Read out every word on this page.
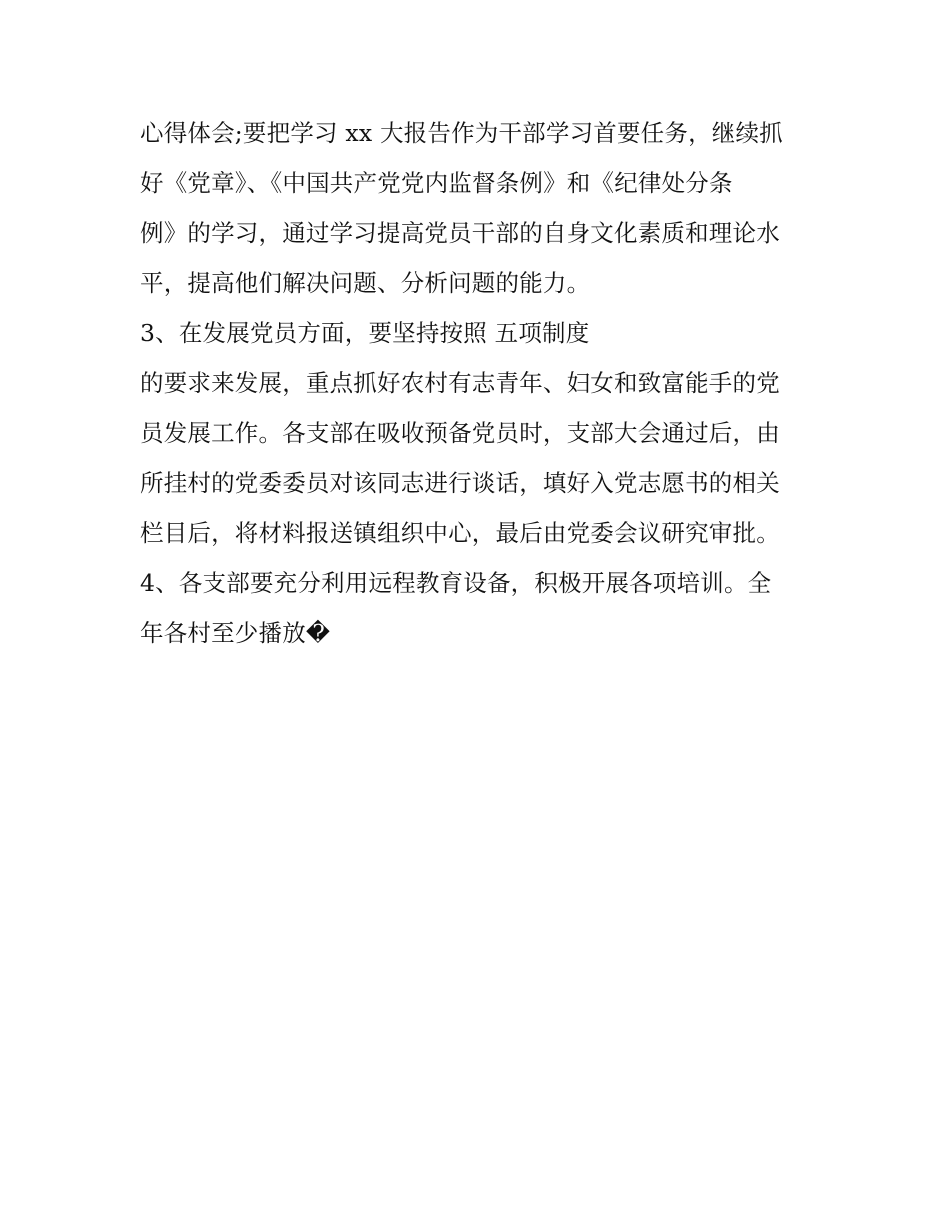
心得体会;要把学习 xx 大报告作为干部学习首要任务，继续抓
好《党章》、《中国共产党党内监督条例》和《纪律处分条
例》的学习，通过学习提高党员干部的自身文化素质和理论水
平，提高他们解决问题、分析问题的能力。
3、在发展党员方面，要坚持按照 五项制度
的要求来发展，重点抓好农村有志青年、妇女和致富能手的党
员发展工作。各支部在吸收预备党员时，支部大会通过后，由
所挂村的党委委员对该同志进行谈话，填好入党志愿书的相关
栏目后，将材料报送镇组织中心，最后由党委会议研究审批。
4、各支部要充分利用远程教育设备，积极开展各项培训。全
年各村至少播放�
